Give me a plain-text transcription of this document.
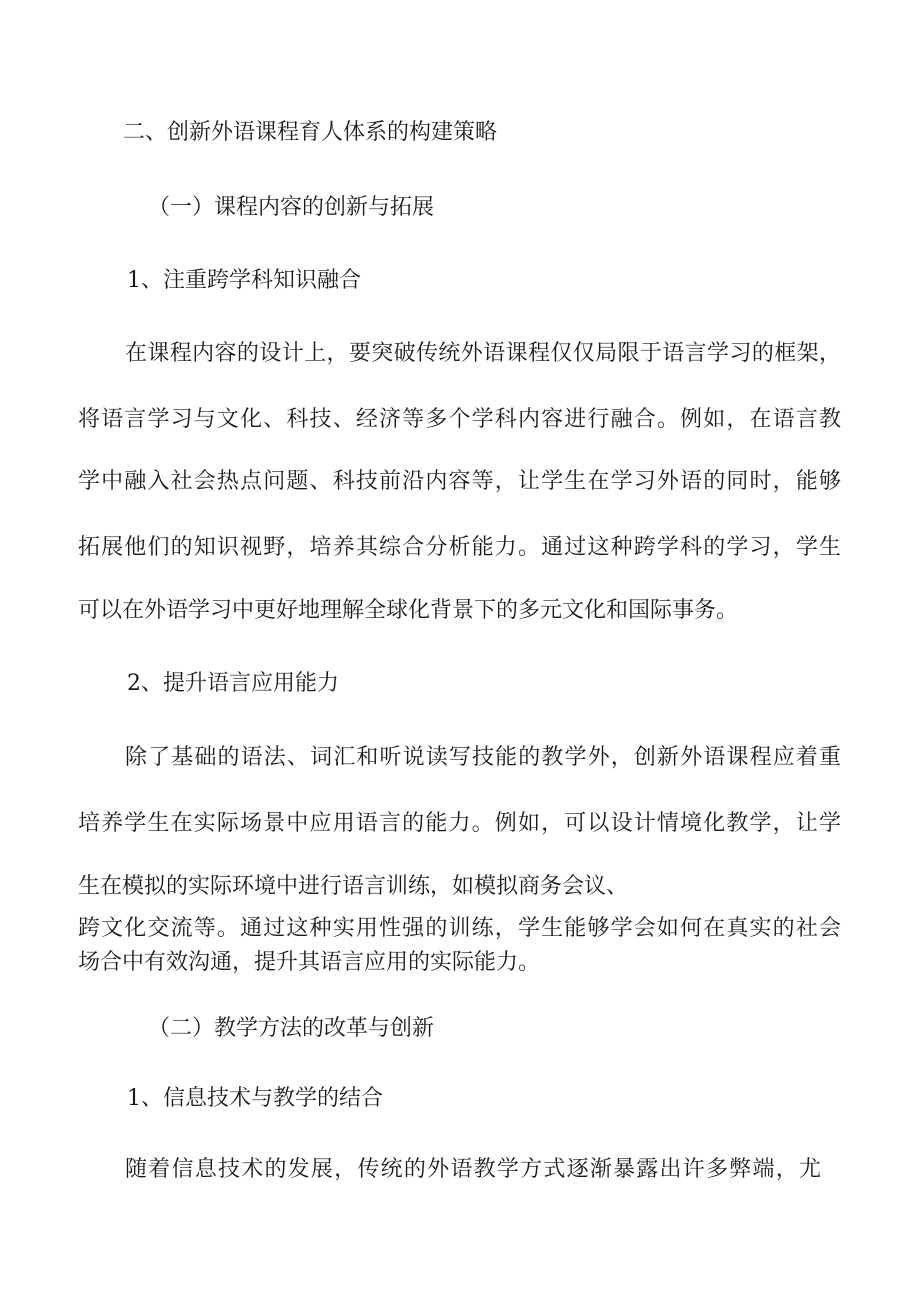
二、创新外语课程育人体系的构建策略

（一）课程内容的创新与拓展

1、注重跨学科知识融合

在课程内容的设计上，要突破传统外语课程仅仅局限于语言学习的框架，

将语言学习与文化、科技、经济等多个学科内容进行融合。例如，在语言教

学中融入社会热点问题、科技前沿内容等，让学生在学习外语的同时，能够

拓展他们的知识视野，培养其综合分析能力。通过这种跨学科的学习，学生

可以在外语学习中更好地理解全球化背景下的多元文化和国际事务。

2、提升语言应用能力

除了基础的语法、词汇和听说读写技能的教学外，创新外语课程应着重

培养学生在实际场景中应用语言的能力。例如，可以设计情境化教学，让学

生在模拟的实际环境中进行语言训练，如模拟商务会议、

跨文化交流等。通过这种实用性强的训练，学生能够学会如何在真实的社会

场合中有效沟通，提升其语言应用的实际能力。

（二）教学方法的改革与创新

1、信息技术与教学的结合

随着信息技术的发展，传统的外语教学方式逐渐暴露出许多弊端，尤
